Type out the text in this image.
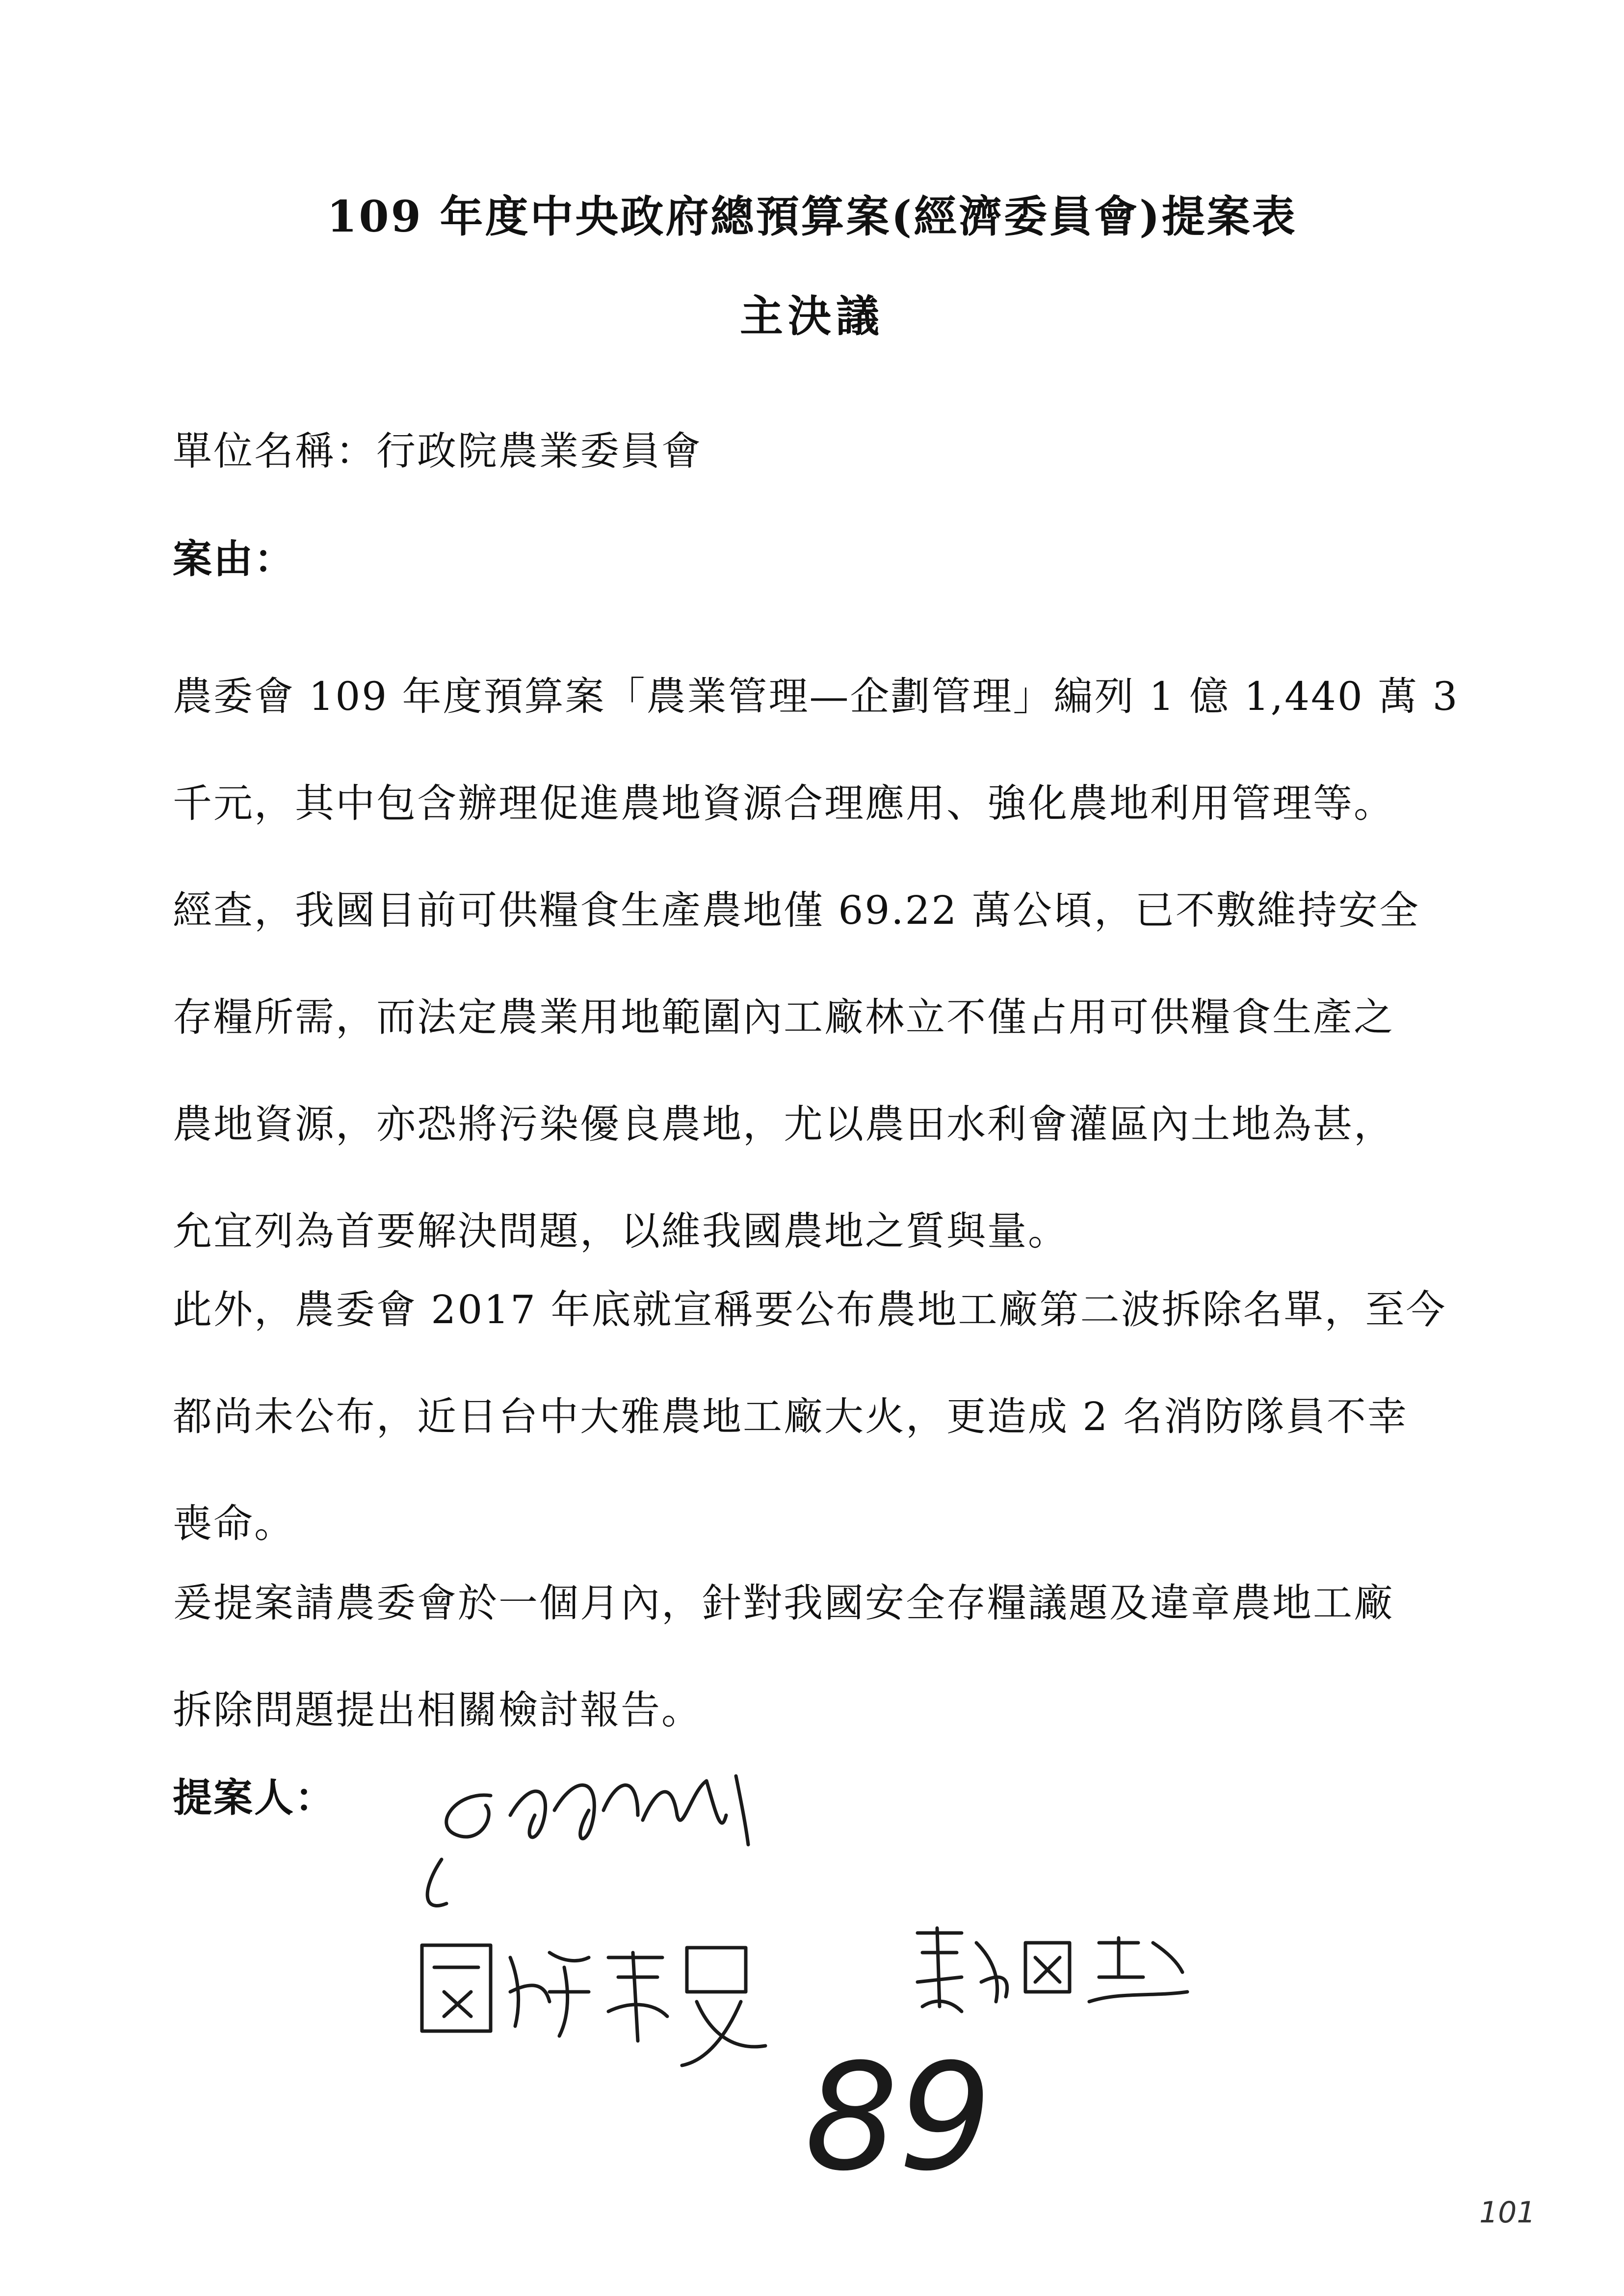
109 年度中央政府總預算案(經濟委員會)提案表
主決議
單位名稱：行政院農業委員會
案由：
農委會 109 年度預算案「農業管理—企劃管理」編列 1 億 1,440 萬 3
千元，其中包含辦理促進農地資源合理應用、強化農地利用管理等。
經查，我國目前可供糧食生產農地僅 69.22 萬公頃，已不敷維持安全
存糧所需，而法定農業用地範圍內工廠林立不僅占用可供糧食生產之
農地資源，亦恐將污染優良農地，尤以農田水利會灌區內土地為甚，
允宜列為首要解決問題，以維我國農地之質與量。
此外，農委會 2017 年底就宣稱要公布農地工廠第二波拆除名單，至今
都尚未公布，近日台中大雅農地工廠大火，更造成 2 名消防隊員不幸
喪命。
爰提案請農委會於一個月內，針對我國安全存糧議題及違章農地工廠
拆除問題提出相關檢討報告。
提案人：
89
101
